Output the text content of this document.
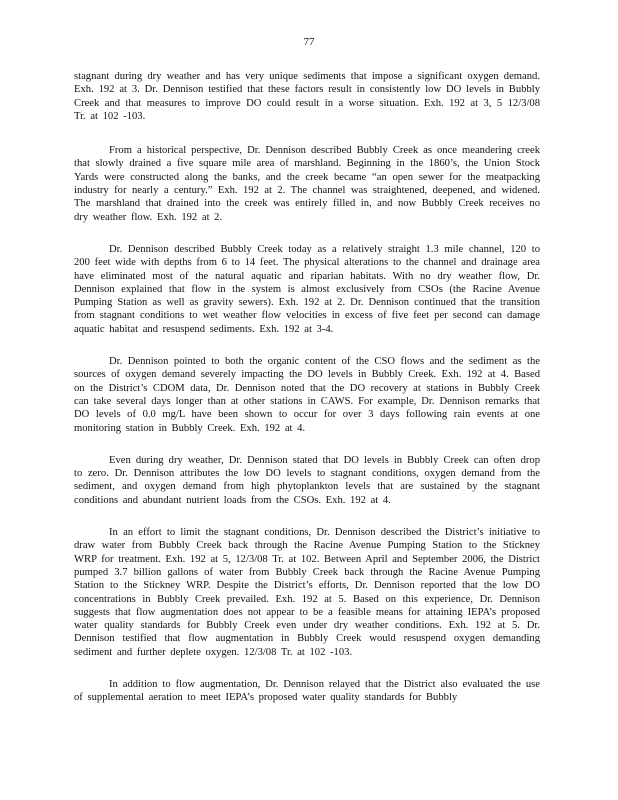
77

stagnant during dry weather and has very unique sediments that impose a significant oxygen demand. Exh. 192 at 3. Dr. Dennison testified that these factors result in consistently low DO levels in Bubbly Creek and that measures to improve DO could result in a worse situation. Exh. 192 at 3, 5 12/3/08 Tr. at 102 -103.

From a historical perspective, Dr. Dennison described Bubbly Creek as once meandering creek that slowly drained a five square mile area of marshland. Beginning in the 1860’s, the Union Stock Yards were constructed along the banks, and the creek became “an open sewer for the meatpacking industry for nearly a century.” Exh. 192 at 2. The channel was straightened, deepened, and widened. The marshland that drained into the creek was entirely filled in, and now Bubbly Creek receives no dry weather flow. Exh. 192 at 2.

Dr. Dennison described Bubbly Creek today as a relatively straight 1.3 mile channel, 120 to 200 feet wide with depths from 6 to 14 feet. The physical alterations to the channel and drainage area have eliminated most of the natural aquatic and riparian habitats. With no dry weather flow, Dr. Dennison explained that flow in the system is almost exclusively from CSOs (the Racine Avenue Pumping Station as well as gravity sewers). Exh. 192 at 2. Dr. Dennison continued that the transition from stagnant conditions to wet weather flow velocities in excess of five feet per second can damage aquatic habitat and resuspend sediments. Exh. 192 at 3-4.

Dr. Dennison pointed to both the organic content of the CSO flows and the sediment as the sources of oxygen demand severely impacting the DO levels in Bubbly Creek. Exh. 192 at 4. Based on the District’s CDOM data, Dr. Dennison noted that the DO recovery at stations in Bubbly Creek can take several days longer than at other stations in CAWS. For example, Dr. Dennison remarks that DO levels of 0.0 mg/L have been shown to occur for over 3 days following rain events at one monitoring station in Bubbly Creek. Exh. 192 at 4.

Even during dry weather, Dr. Dennison stated that DO levels in Bubbly Creek can often drop to zero. Dr. Dennison attributes the low DO levels to stagnant conditions, oxygen demand from the sediment, and oxygen demand from high phytoplankton levels that are sustained by the stagnant conditions and abundant nutrient loads from the CSOs. Exh. 192 at 4.

In an effort to limit the stagnant conditions, Dr. Dennison described the District’s initiative to draw water from Bubbly Creek back through the Racine Avenue Pumping Station to the Stickney WRP for treatment. Exh. 192 at 5, 12/3/08 Tr. at 102. Between April and September 2006, the District pumped 3.7 billion gallons of water from Bubbly Creek back through the Racine Avenue Pumping Station to the Stickney WRP. Despite the District’s efforts, Dr. Dennison reported that the low DO concentrations in Bubbly Creek prevailed. Exh. 192 at 5. Based on this experience, Dr. Dennison suggests that flow augmentation does not appear to be a feasible means for attaining IEPA’s proposed water quality standards for Bubbly Creek even under dry weather conditions. Exh. 192 at 5. Dr. Dennison testified that flow augmentation in Bubbly Creek would resuspend oxygen demanding sediment and further deplete oxygen. 12/3/08 Tr. at 102 -103.

In addition to flow augmentation, Dr. Dennison relayed that the District also evaluated the use of supplemental aeration to meet IEPA’s proposed water quality standards for Bubbly
